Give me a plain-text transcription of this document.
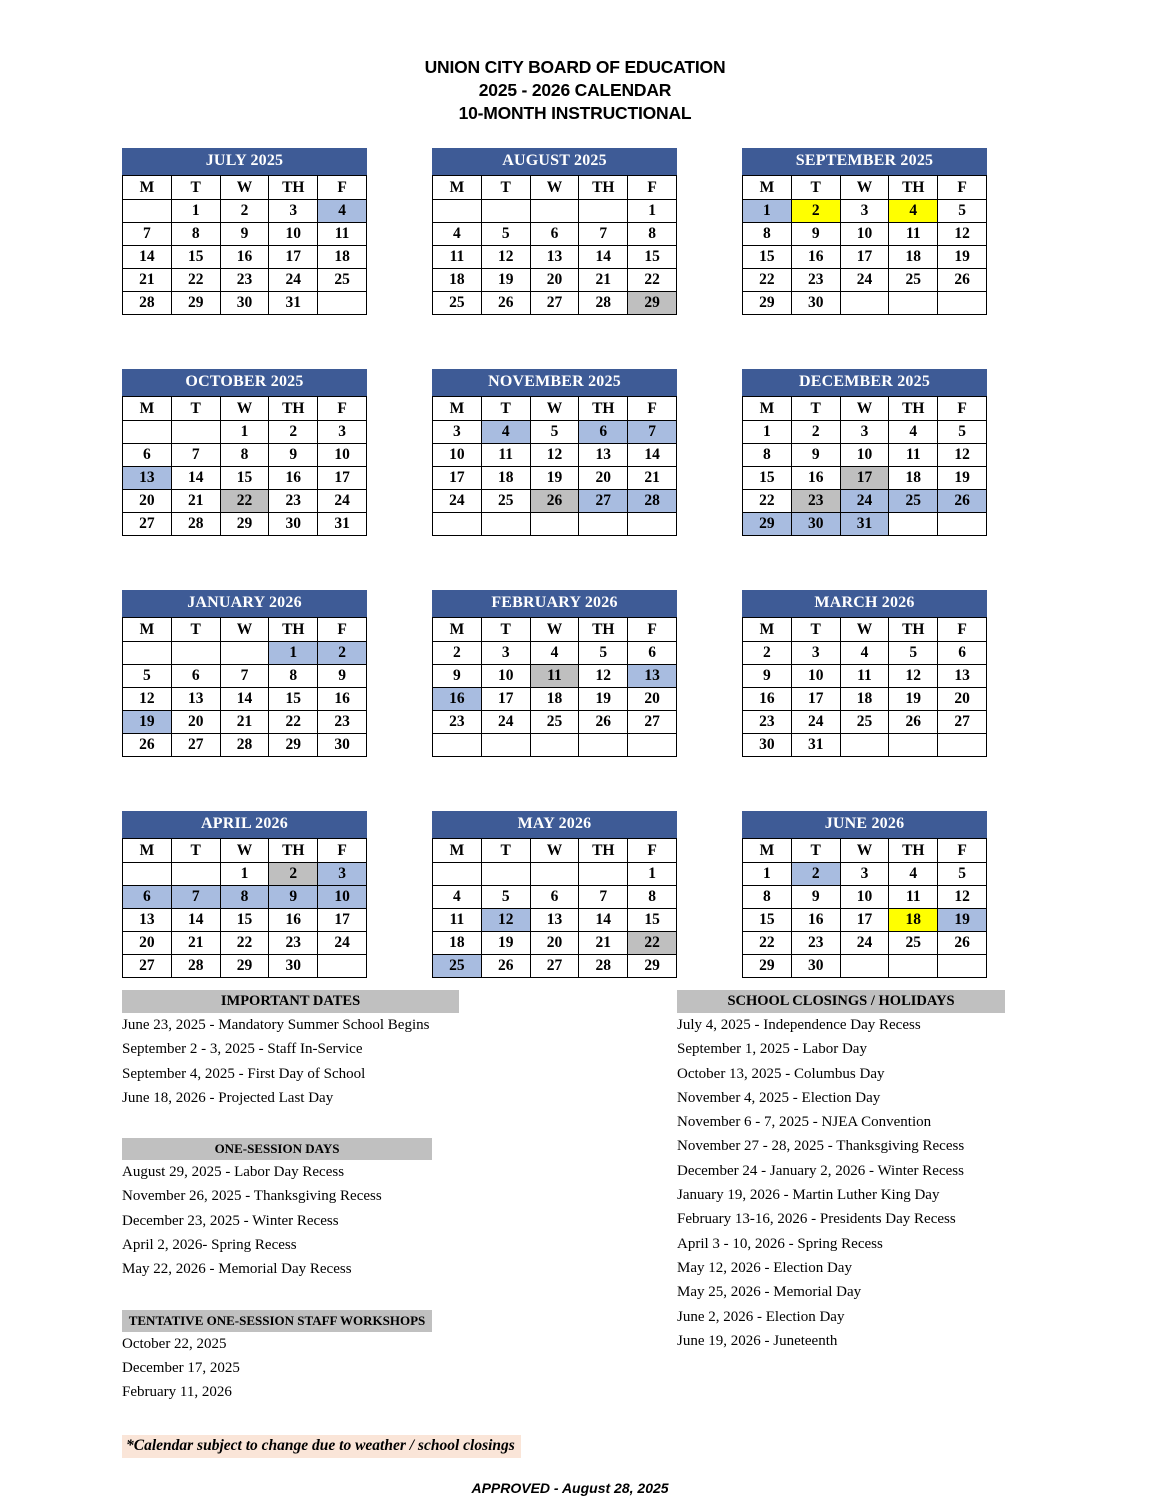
UNION CITY BOARD OF EDUCATION
2025 - 2026 CALENDAR
10-MONTH INSTRUCTIONAL
JULY 2025
M	T	W	TH	F
	1	2	3	4
7	8	9	10	11
14	15	16	17	18
21	22	23	24	25
28	29	30	31	
AUGUST 2025
M	T	W	TH	F
				1
4	5	6	7	8
11	12	13	14	15
18	19	20	21	22
25	26	27	28	29
SEPTEMBER 2025
M	T	W	TH	F
1	2	3	4	5
8	9	10	11	12
15	16	17	18	19
22	23	24	25	26
29	30			
OCTOBER 2025
M	T	W	TH	F
		1	2	3
6	7	8	9	10
13	14	15	16	17
20	21	22	23	24
27	28	29	30	31
NOVEMBER 2025
M	T	W	TH	F
3	4	5	6	7
10	11	12	13	14
17	18	19	20	21
24	25	26	27	28

DECEMBER 2025
M	T	W	TH	F
1	2	3	4	5
8	9	10	11	12
15	16	17	18	19
22	23	24	25	26
29	30	31		
JANUARY 2026
M	T	W	TH	F
			1	2
5	6	7	8	9
12	13	14	15	16
19	20	21	22	23
26	27	28	29	30
FEBRUARY 2026
M	T	W	TH	F
2	3	4	5	6
9	10	11	12	13
16	17	18	19	20
23	24	25	26	27

MARCH 2026
M	T	W	TH	F
2	3	4	5	6
9	10	11	12	13
16	17	18	19	20
23	24	25	26	27
30	31			
APRIL 2026
M	T	W	TH	F
		1	2	3
6	7	8	9	10
13	14	15	16	17
20	21	22	23	24
27	28	29	30	
MAY 2026
M	T	W	TH	F
				1
4	5	6	7	8
11	12	13	14	15
18	19	20	21	22
25	26	27	28	29
JUNE 2026
M	T	W	TH	F
1	2	3	4	5
8	9	10	11	12
15	16	17	18	19
22	23	24	25	26
29	30			
IMPORTANT DATES
June 23, 2025 - Mandatory Summer School Begins
September 2 - 3, 2025 - Staff In-Service
September 4, 2025 - First Day of School
June 18, 2026 - Projected Last Day
ONE-SESSION DAYS
August 29, 2025 - Labor Day Recess
November 26, 2025 - Thanksgiving Recess
December 23, 2025 - Winter Recess
April 2, 2026- Spring Recess
May 22, 2026 - Memorial Day Recess
TENTATIVE ONE-SESSION STAFF WORKSHOPS
October 22, 2025
December 17, 2025
February 11, 2026
*Calendar subject to change due to weather / school closings
SCHOOL CLOSINGS / HOLIDAYS
July 4, 2025 - Independence Day Recess
September 1, 2025 - Labor Day
October 13, 2025 - Columbus Day
November 4, 2025 - Election Day
November 6 - 7, 2025 - NJEA Convention
November 27 - 28, 2025 - Thanksgiving Recess
December 24 - January 2, 2026 - Winter Recess
January 19, 2026 - Martin Luther King Day
February 13-16, 2026 - Presidents Day Recess
April 3 - 10, 2026 - Spring Recess
May 12, 2026 - Election Day
May 25, 2026 - Memorial Day
June 2, 2026 - Election Day
June 19, 2026 - Juneteenth
APPROVED - August 28, 2025
